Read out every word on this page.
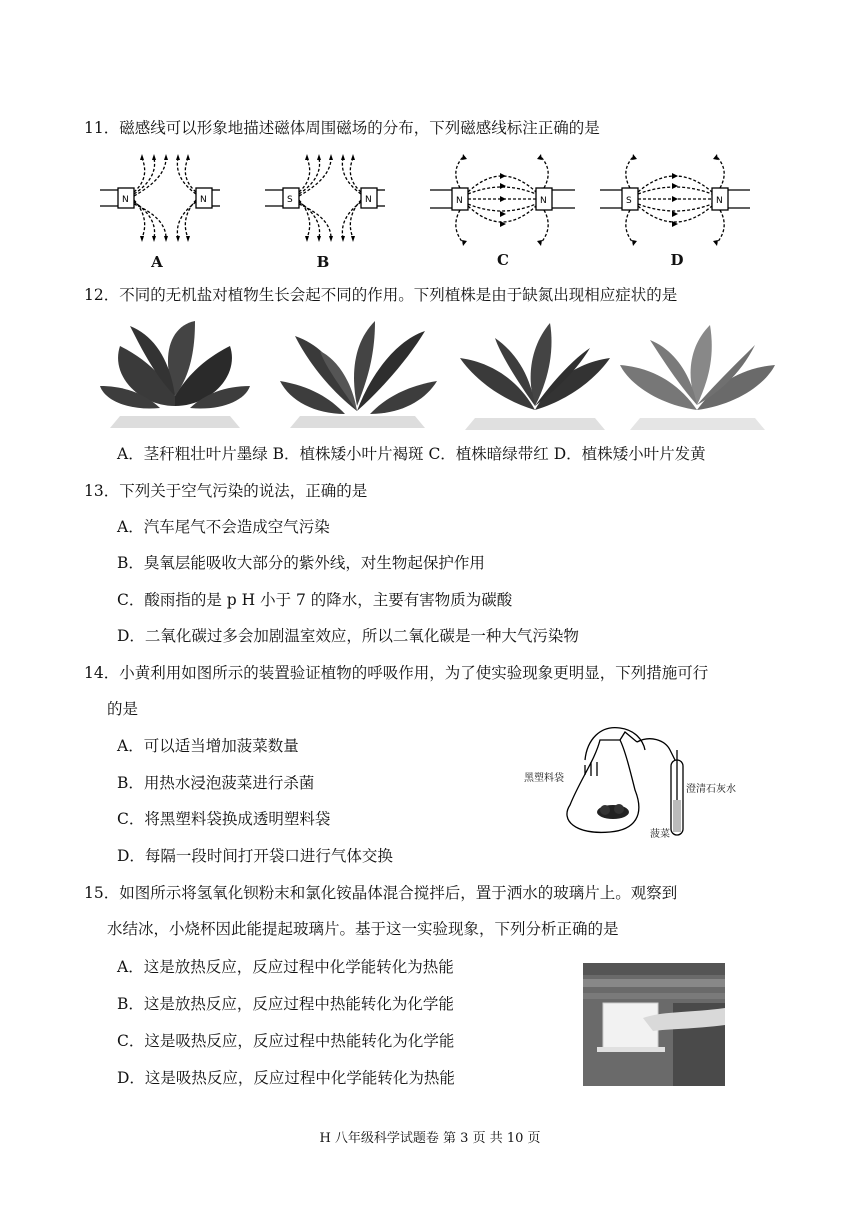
11．磁感线可以形象地描述磁体周围磁场的分布，下列磁感线标注正确的是
N	N
A
S	N
B
N	N
C
S	N
D
12．不同的无机盐对植物生长会起不同的作用。下列植株是由于缺氮出现相应症状的是
A．茎秆粗壮叶片墨绿 B．植株矮小叶片褐斑 C．植株暗绿带红 D．植株矮小叶片发黄
13．下列关于空气污染的说法，正确的是
A．汽车尾气不会造成空气污染
B．臭氧层能吸收大部分的紫外线，对生物起保护作用
C．酸雨指的是 p H 小于 7 的降水，主要有害物质为碳酸
D．二氧化碳过多会加剧温室效应，所以二氧化碳是一种大气污染物
14．小黄利用如图所示的装置验证植物的呼吸作用，为了使实验现象更明显，下列措施可行
的是
A．可以适当增加菠菜数量
B．用热水浸泡菠菜进行杀菌
C．将黑塑料袋换成透明塑料袋
D．每隔一段时间打开袋口进行气体交换
黑塑料袋
澄清石灰水
菠菜
15．如图所示将氢氧化钡粉末和氯化铵晶体混合搅拌后，置于洒水的玻璃片上。观察到
水结冰，小烧杯因此能提起玻璃片。基于这一实验现象，下列分析正确的是
A．这是放热反应，反应过程中化学能转化为热能
B．这是放热反应，反应过程中热能转化为化学能
C．这是吸热反应，反应过程中热能转化为化学能
D．这是吸热反应，反应过程中化学能转化为热能
H 八年级科学试题卷 第 3 页 共 10 页
